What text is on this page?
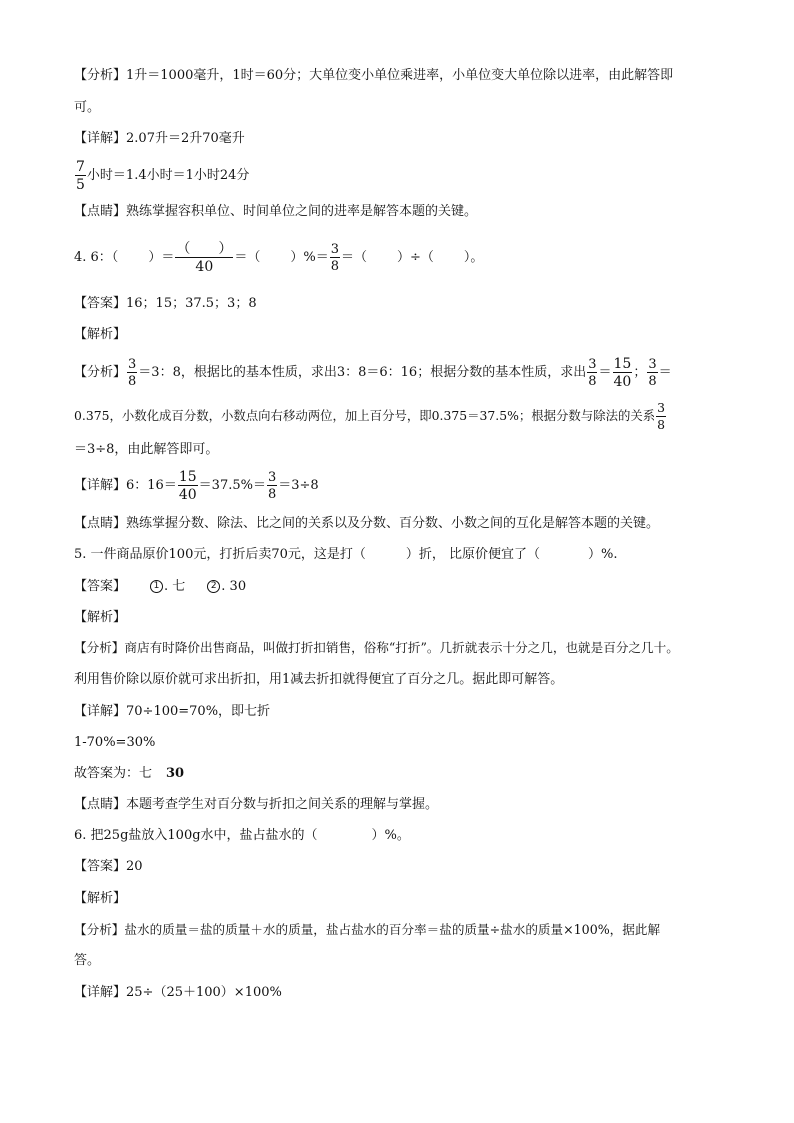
【分析】1升＝1000毫升，1时＝60分；大单位变小单位乘进率，小单位变大单位除以进率，由此解答即
可。
【详解】2.07升＝2升70毫升
$\frac{7}{5}$ 小时＝1.4小时＝1小时24分
【点睛】熟练掌握容积单位、时间单位之间的进率是解答本题的关键。
4. 6：（ ）＝ $\frac{( )}{40}$ ＝（ ）%＝ $\frac{3}{8}$ ＝（ ）÷（ ）。
【答案】16；15；37.5；3；8
【解析】
【分析】 $\frac{3}{8} =3$：8，根据比的基本性质，求出3：8＝6：16；根据分数的基本性质，求出 $\frac{3}{8} = \frac{15}{40}$ ； $\frac{3}{8}$ ＝
0.375，小数化成百分数，小数点向右移动两位，加上百分号，即0.375＝37.5%；根据分数与除法的关系 $\frac{3}{8}$
＝3÷8，由此解答即可。
【详解】6：$16= \frac{15}{40} =37.5\%= \frac{3}{8} =3\div 8$
【点睛】熟练掌握分数、除法、比之间的关系以及分数、百分数、小数之间的互化是解答本题的关键。
5. 一件商品原价100元，打折后卖70元，这是打（	）折， 比原价便宜了（	）%.
【答案】	1 . 七	2 . 30
【解析】
【分析】商店有时降价出售商品，叫做打折扣销售，俗称“打折”。几折就表示十分之几，也就是百分之几十。
利用售价除以原价就可求出折扣，用1减去折扣就得便宜了百分之几。据此即可解答。
【详解】70÷100=70%，即七折
1-70%=30%
故答案为：七 30
【点睛】本题考查学生对百分数与折扣之间关系的理解与掌握。
6. 把25g盐放入100g水中，盐占盐水的（	）%。
【答案】20
【解析】
【分析】盐水的质量＝盐的质量＋水的质量，盐占盐水的百分率＝盐的质量÷盐水的质量×100%，据此解
答。
【详解】25÷（25＋100）×100%
